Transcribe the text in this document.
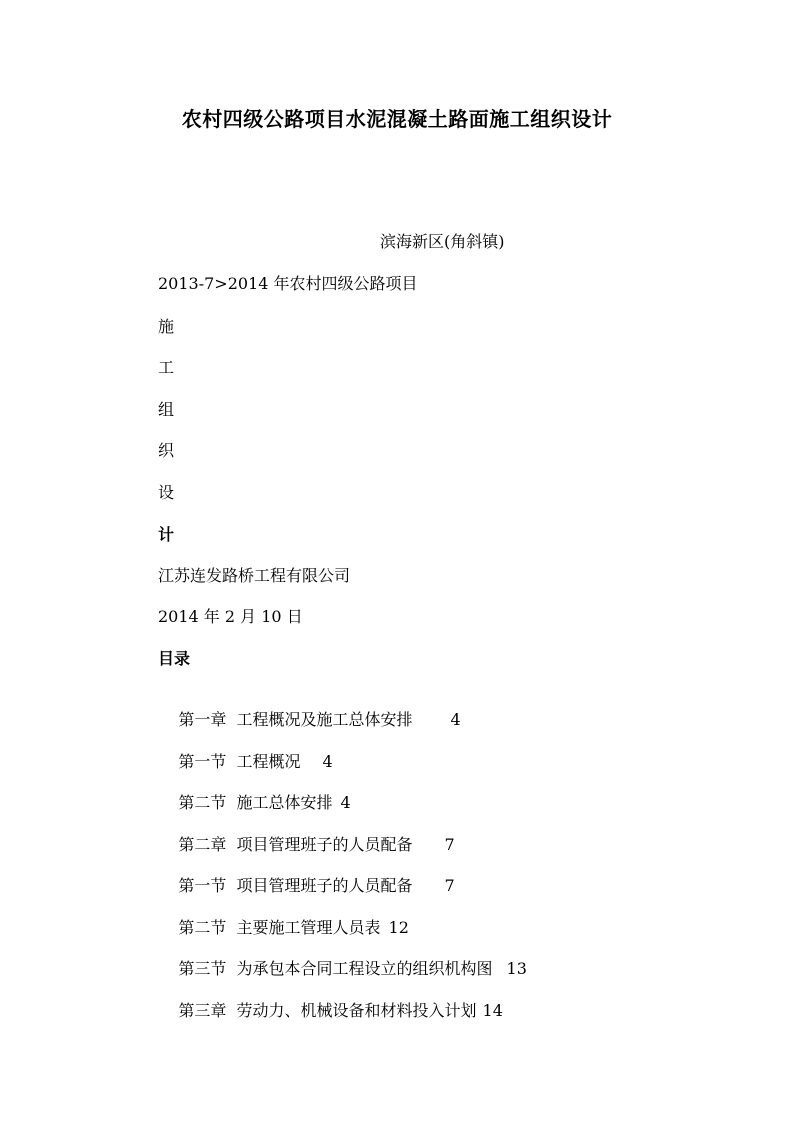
农村四级公路项目水泥混凝土路面施工组织设计
滨海新区(角斜镇)
2013-7>2014 年农村四级公路项目
施
工
组
织
设
计
江苏连发路桥工程有限公司
2014 年 2 月 10 日
目录

第一章  工程概况及施工总体安排 4

第一节  工程概况 4

第二节  施工总体安排 4

第二章  项目管理班子的人员配备 7

第一节  项目管理班子的人员配备 7

第二节  主要施工管理人员表 12

第三节  为承包本合同工程设立的组织机构图 13

第三章  劳动力、机械设备和材料投入计划 14
